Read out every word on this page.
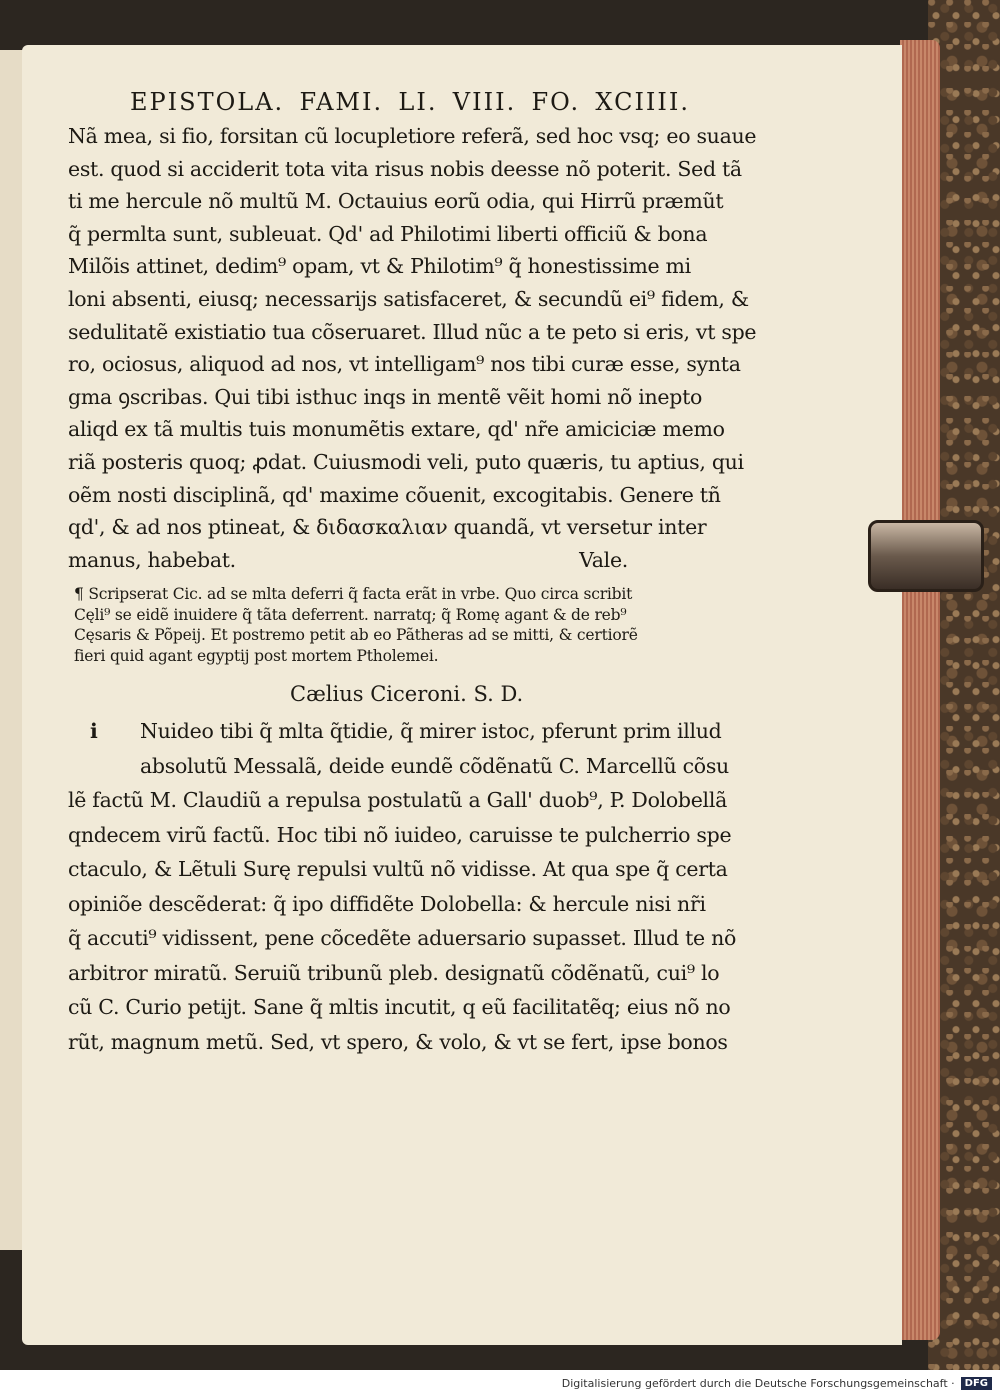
EPISTOLA. FAMI. LI. VIII. FO. XCIIII.
Nã mea, si fio, forsitan cũ locupletiore referã, sed hoc vsq; eo suaue
est. quod si acciderit tota vita risus nobis deesse nõ poterit. Sed tã
ti me hercule nõ multũ M. Octauius eorũ odia, qui Hirrũ præmũt
q̃ permlta sunt, subleuat. Qd' ad Philotimi liberti officiũ & bona
Milõis attinet, dedim⁹ opam, vt & Philotim⁹ q̃ honestissime mi
loni absenti, eiusq; necessarijs satisfaceret, & secundũ ei⁹ fidem, &
sedulitatẽ existiatio tua cõseruaret. Illud nũc a te peto si eris, vt spe
ro, ociosus, aliquod ad nos, vt intelligam⁹ nos tibi curæ esse, synta
gma ꝯscribas. Qui tibi isthuc inqs in mentẽ vẽit homi nõ inepto
aliqd ex tã multis tuis monumẽtis extare, qd' nr̃e amiciciæ memo
riã posteris quoq; ꝓdat. Cuiusmodi veli, puto quæris, tu aptius, qui
oẽm nosti disciplinã, qd' maxime cõuenit, excogitabis. Genere tñ
qd', & ad nos ptineat, & διδασκαλιαν quandã, vt versetur inter
manus, habebat.	Vale.
¶ Scripserat Cic. ad se mlta deferri q̃ facta erãt in vrbe. Quo circa scribit
Cęli⁹ se eidẽ inuidere q̃ tãta deferrent. narratq; q̃ Romę agant & de reb⁹
Cęsaris & Põpeij. Et postremo petit ab eo Pãtheras ad se mitti, & certiorẽ
fieri quid agant egyptij post mortem Ptholemei.
Cælius Ciceroni. S. D.
i Nuideo tibi q̃ mlta q̃tidie, q̃ mirer istoc, pferunt prim illud
absolutũ Messalã, deide eundẽ cõdẽnatũ C. Marcellũ cõsu
lẽ factũ M. Claudiũ a repulsa postulatũ a Gall' duob⁹, P. Dolobellã
qndecem virũ factũ. Hoc tibi nõ iuideo, caruisse te pulcherrio spe
ctaculo, & Lẽtuli Surę repulsi vultũ nõ vidisse. At qua spe q̃ certa
opiniõe descẽderat: q̃ ipo diffidẽte Dolobella: & hercule nisi nr̃i
q̃ accuti⁹ vidissent, pene cõcedẽte aduersario supasset. Illud te nõ
arbitror miratũ. Seruiũ tribunũ pleb. designatũ cõdẽnatũ, cui⁹ lo
cũ C. Curio petijt. Sane q̃ mltis incutit, q eũ facilitatẽq; eius nõ no
rũt, magnum metũ. Sed, vt spero, & volo, & vt se fert, ipse bonos
Digitalisierung gefördert durch die Deutsche Forschungsgemeinschaft ·	DFG
